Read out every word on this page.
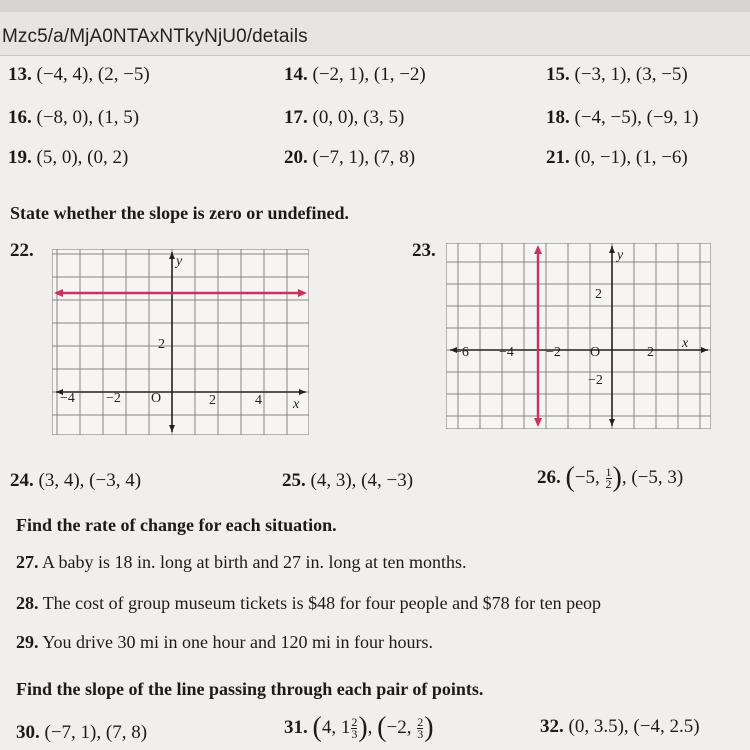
Mzc5/a/MjA0NTAxNTkyNjU0/details
13. (−4, 4), (2, −5)	14. (−2, 1), (1, −2)	15. (−3, 1), (3, −5)
16. (−8, 0), (1, 5)	17. (0, 0), (3, 5)	18. (−4, −5), (−9, 1)
19. (5, 0), (0, 2)	20. (−7, 1), (7, 8)	21. (0, −1), (1, −6)
State whether the slope is zero or undefined.
22.
y
x
2
−4 −2 O	2	4
23.	y
x
2
−2
−6 −4 −2 O	2
24. (3, 4), (−3, 4)	25. (4, 3), (4, −3)	26. (−5, $\frac{1}{2}$ ), (−5, 3)
Find the rate of change for each situation.
27. A baby is 18 in. long at birth and 27 in. long at ten months.
28. The cost of group museum tickets is $48 for four people and $78 for ten peop
29. You drive 30 mi in one hour and 120 mi in four hours.
Find the slope of the line passing through each pair of points.
30. (−7, 1), (7, 8)	31. (4, $1 \frac{2}{3}$ ), (−2, $\frac{2}{3}$ )	32. (0, 3.5), (−4, 2.5)
